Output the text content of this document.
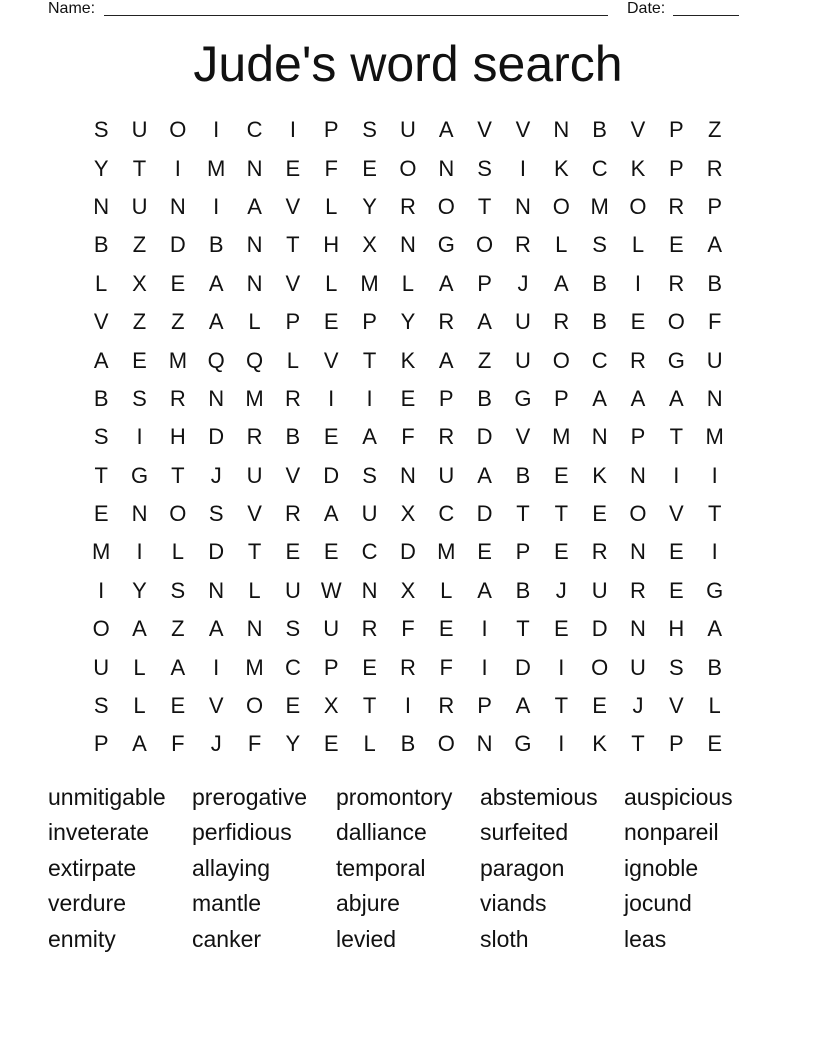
Name:	Date:
Jude's word search
S	U O	I	C	I	P	S	U	A	V	V	N	B	V	P	Z
Y	T	I	M N	E	F	E	O N	S	I	K	C	K	P	R
N	U	N	I	A	V	L	Y	R O	T	N O M O R	P
B	Z	D	B	N	T	H	X	N G O R	L	S	L	E	A
L	X	E	A	N	V	L	M	L	A	P	J	A	B	I	R	B
V	Z	Z	A	L	P	E	P	Y	R	A	U	R	B	E	O	F
A	E M Q Q	L	V	T	K	A	Z	U O C	R G U
B	S	R	N M R	I	I	E	P	B	G	P	A	A	A	N
S	I	H	D	R	B	E	A	F	R	D	V M N	P	T	M
T	G	T	J	U	V	D	S	N	U	A	B	E	K	N	I	I
E	N O	S	V	R	A	U	X	C	D	T	T	E	O	V	T
M	I	L	D	T	E	E	C	D M E	P	E	R	N	E	I
I	Y	S	N	L	U W N	X	L	A	B	J	U	R	E	G
O	A	Z	A	N	S	U	R	F	E	I	T	E	D	N	H	A
U	L	A	I	M C	P	E	R	F	I	D	I	O U	S	B
S	L	E	V	O	E	X	T	I	R	P	A	T	E	J	V	L
P	A	F	J	F	Y	E	L	B	O N G	I	K	T	P	E
unmitigable	prerogative	promontory	abstemious	auspicious
inveterate	perfidious	dalliance	surfeited	nonpareil
extirpate	allaying	temporal	paragon	ignoble
verdure	mantle	abjure	viands	jocund
enmity	canker	levied	sloth	leas
